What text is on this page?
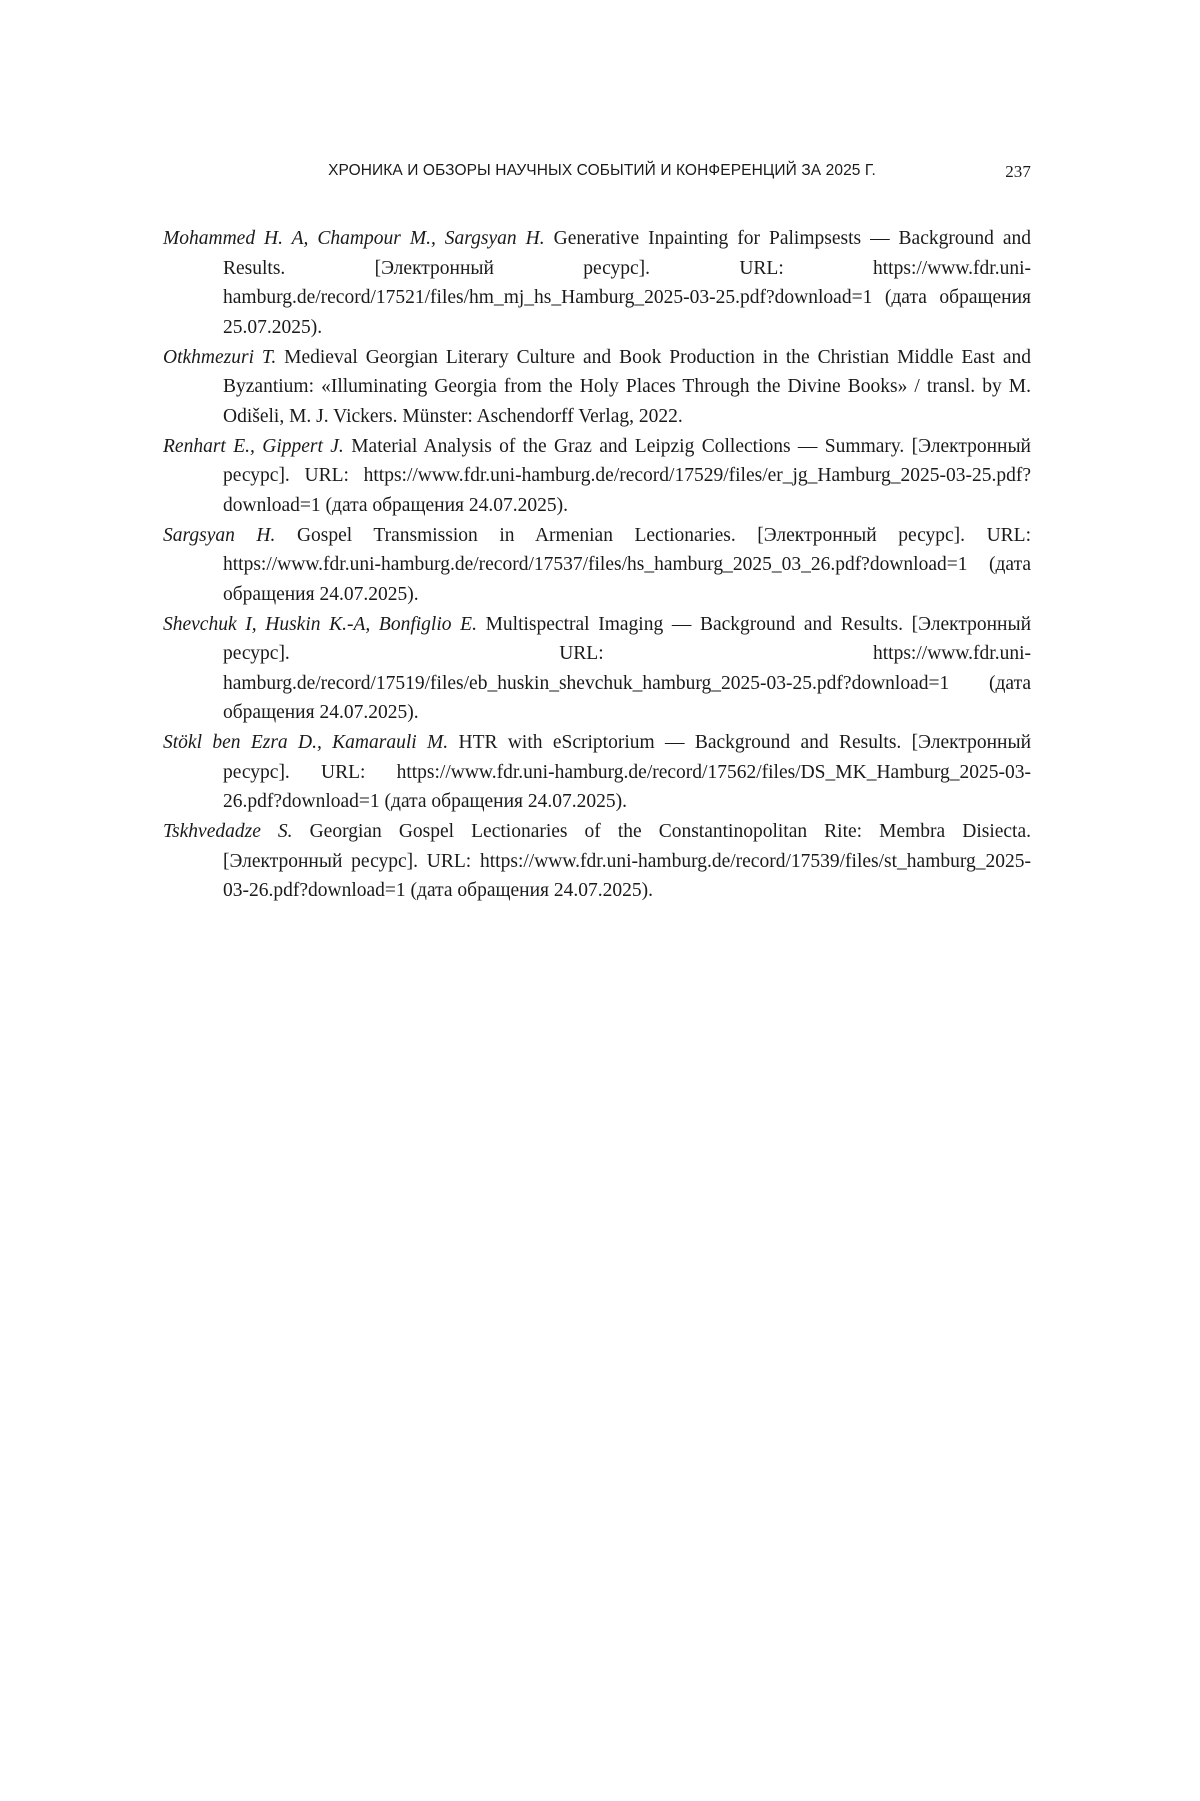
ХРОНИКА И ОБЗОРЫ НАУЧНЫХ СОБЫТИЙ И КОНФЕРЕНЦИЙ ЗА 2025 Г.	237
Mohammed H. A, Champour M., Sargsyan H. Generative Inpainting for Palimpsests — Background and Results. [Электронный ресурс]. URL: https://www.fdr.uni-hamburg.de/record/17521/files/hm_mj_hs_Hamburg_2025-03-25.pdf?download=1 (дата обращения 25.07.2025).
Otkhmezuri T. Medieval Georgian Literary Culture and Book Production in the Christian Middle East and Byzantium: «Illuminating Georgia from the Holy Places Through the Divine Books» / transl. by M. Odišeli, M. J. Vickers. Münster: Aschendorff Verlag, 2022.
Renhart E., Gippert J. Material Analysis of the Graz and Leipzig Collections — Summary. [Электронный ресурс]. URL: https://www.fdr.uni-hamburg.de/record/17529/files/er_jg_Hamburg_2025-03-25.pdf?download=1 (дата обращения 24.07.2025).
Sargsyan H. Gospel Transmission in Armenian Lectionaries. [Электронный ресурс]. URL: https://www.fdr.uni-hamburg.de/record/17537/files/hs_hamburg_2025_03_26.pdf?download=1 (дата обращения 24.07.2025).
Shevchuk I, Huskin K.-A, Bonfiglio E. Multispectral Imaging — Background and Results. [Электронный ресурс]. URL: https://www.fdr.uni-hamburg.de/record/17519/files/eb_huskin_shevchuk_hamburg_2025-03-25.pdf?download=1 (дата обращения 24.07.2025).
Stökl ben Ezra D., Kamarauli M. HTR with eScriptorium — Background and Results. [Электронный ресурс]. URL: https://www.fdr.uni-hamburg.de/record/17562/files/DS_MK_Hamburg_2025-03-26.pdf?download=1 (дата обращения 24.07.2025).
Tskhvedadze S. Georgian Gospel Lectionaries of the Constantinopolitan Rite: Membra Disiecta. [Электронный ресурс]. URL: https://www.fdr.uni-hamburg.de/record/17539/files/st_hamburg_2025-03-26.pdf?download=1 (дата обращения 24.07.2025).
